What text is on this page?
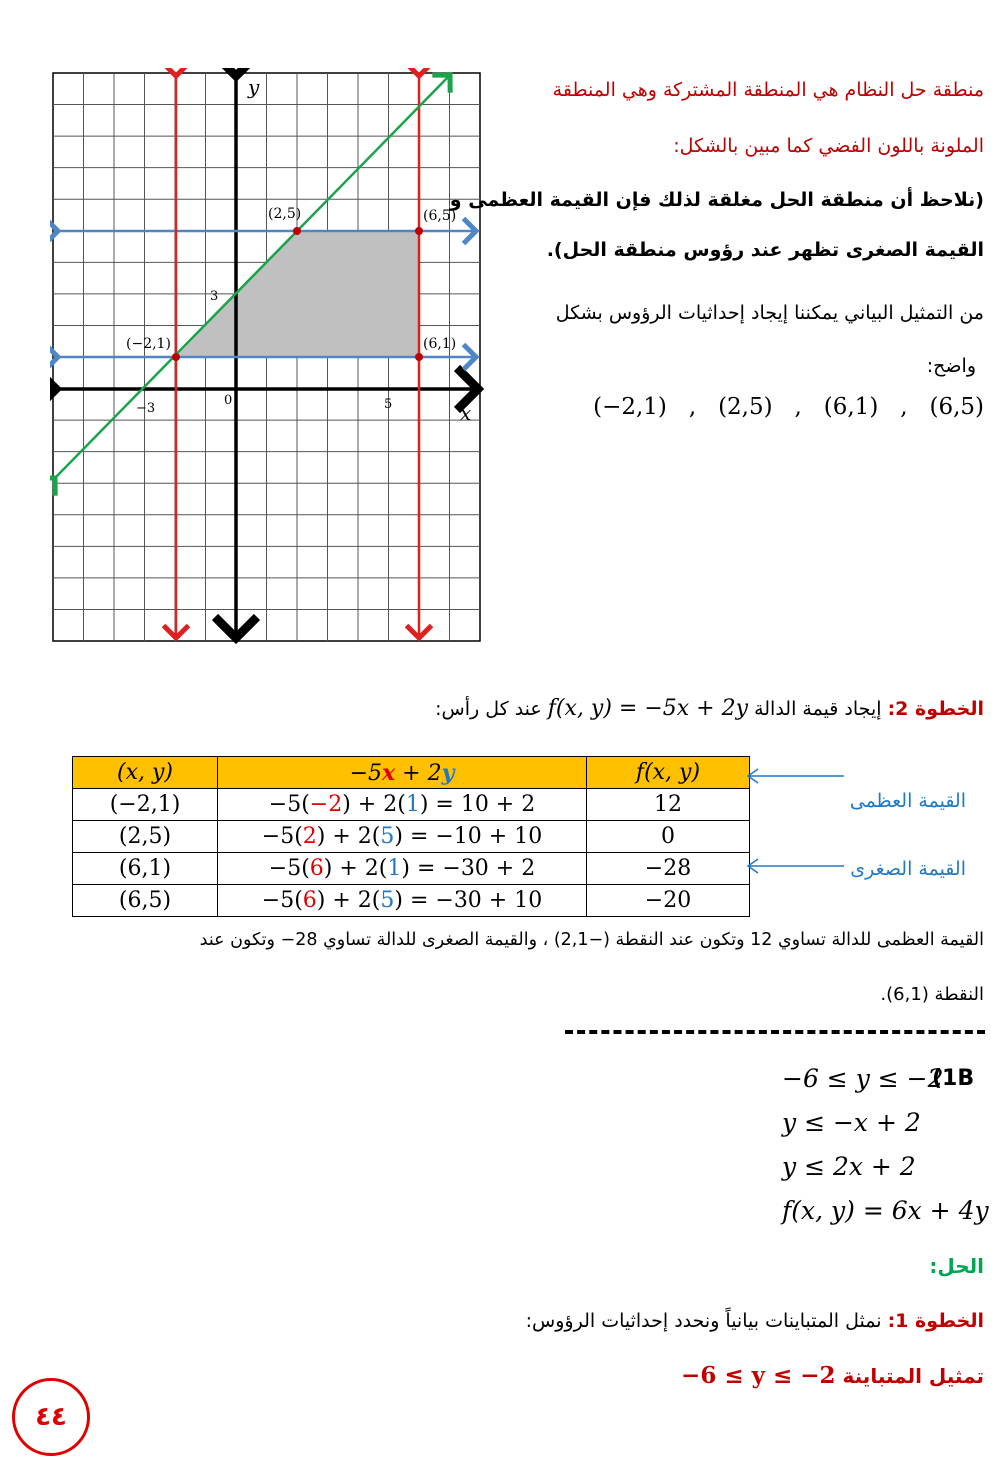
(−2,1)
(2,5)
(6,1)
(6,5)
y
x
−3
0	5
3
منطقة حل النظام هي المنطقة المشتركة وهي المنطقة
الملونة باللون الفضي كما مبين بالشكل:
(نلاحظ أن منطقة الحل مغلقة لذلك فإن القيمة العظمى و
القيمة الصغرى تظهر عند رؤوس منطقة الحل).
من التمثيل البياني يمكننا إيجاد إحداثيات الرؤوس بشكل
واضح:
(−2,1)   ,   (2,5)   ,   (6,1)   ,   (6,5)
الخطوة 2: إيجاد قيمة الدالة f(x, y) = −5x + 2y عند كل رأس:
(x, y)	−5x + 2y	f(x, y)
(−2,1)	−5(−2) + 2(1) = 10 + 2	12
(2,5)	−5(2) + 2(5) = −10 + 10	0
(6,1)	−5(6) + 2(1) = −30 + 2	−28
(6,5)	−5(6) + 2(5) = −30 + 10	−20
القيمة العظمى
القيمة الصغرى
القيمة العظمى للدالة تساوي 12 وتكون عند النقطة (−2,1) ، والقيمة الصغرى للدالة تساوي 28− وتكون عند
النقطة (6,1).
(1B
−6 ≤ y ≤ −2
y ≤ −x + 2
y ≤ 2x + 2
f(x, y) = 6x + 4y
الحل:
الخطوة 1: نمثل المتباينات بيانياً ونحدد إحداثيات الرؤوس:
تمثيل المتباينة −6 ≤ y ≤ −2
٤٤
